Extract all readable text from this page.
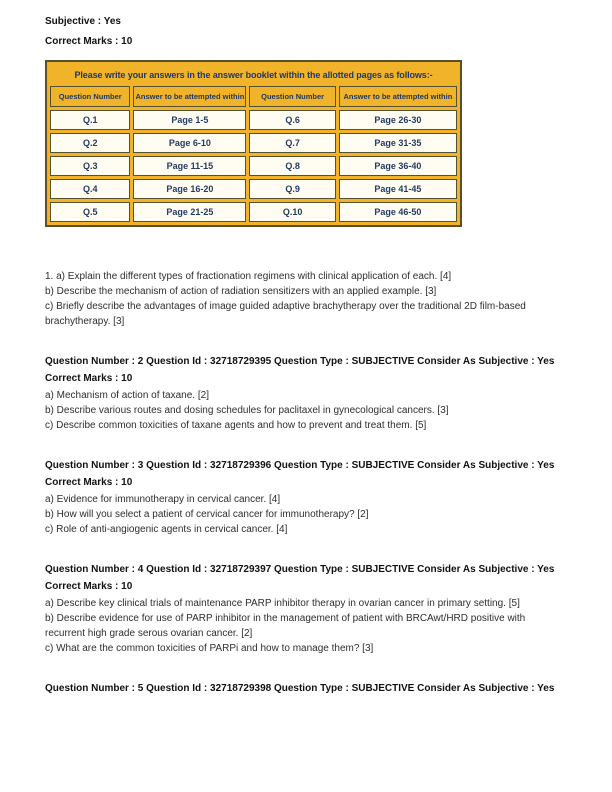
Subjective : Yes
Correct Marks : 10
Please write your answers in the answer booklet within the allotted pages as follows:-			
Question Number	Answer to be attempted within	Question Number	Answer to be attempted within
Q.1	Page 1-5	Q.6	Page 26-30
Q.2	Page 6-10	Q.7	Page 31-35
Q.3	Page 11-15	Q.8	Page 36-40
Q.4	Page 16-20	Q.9	Page 41-45
Q.5	Page 21-25	Q.10	Page 46-50
1. a) Explain the different types of fractionation regimens with clinical application of each. [4]
b) Describe the mechanism of action of radiation sensitizers with an applied example. [3]
c) Briefly describe the advantages of image guided adaptive brachytherapy over the traditional 2D film-based brachytherapy. [3]
Question Number : 2 Question Id : 32718729395 Question Type : SUBJECTIVE Consider As Subjective : Yes
Correct Marks : 10
a) Mechanism of action of taxane. [2]
b) Describe various routes and dosing schedules for paclitaxel in gynecological cancers. [3]
c) Describe common toxicities of taxane agents and how to prevent and treat them. [5]
Question Number : 3 Question Id : 32718729396 Question Type : SUBJECTIVE Consider As Subjective : Yes
Correct Marks : 10
a) Evidence for immunotherapy in cervical cancer. [4]
b) How will you select a patient of cervical cancer for immunotherapy? [2]
c) Role of anti-angiogenic agents in cervical cancer. [4]
Question Number : 4 Question Id : 32718729397 Question Type : SUBJECTIVE Consider As Subjective : Yes
Correct Marks : 10
a) Describe key clinical trials of maintenance PARP inhibitor therapy in ovarian cancer in primary setting. [5]
b) Describe evidence for use of PARP inhibitor in the management of patient with BRCAwt/HRD positive with recurrent high grade serous ovarian cancer. [2]
c) What are the common toxicities of PARPi and how to manage them? [3]
Question Number : 5 Question Id : 32718729398 Question Type : SUBJECTIVE Consider As Subjective : Yes
